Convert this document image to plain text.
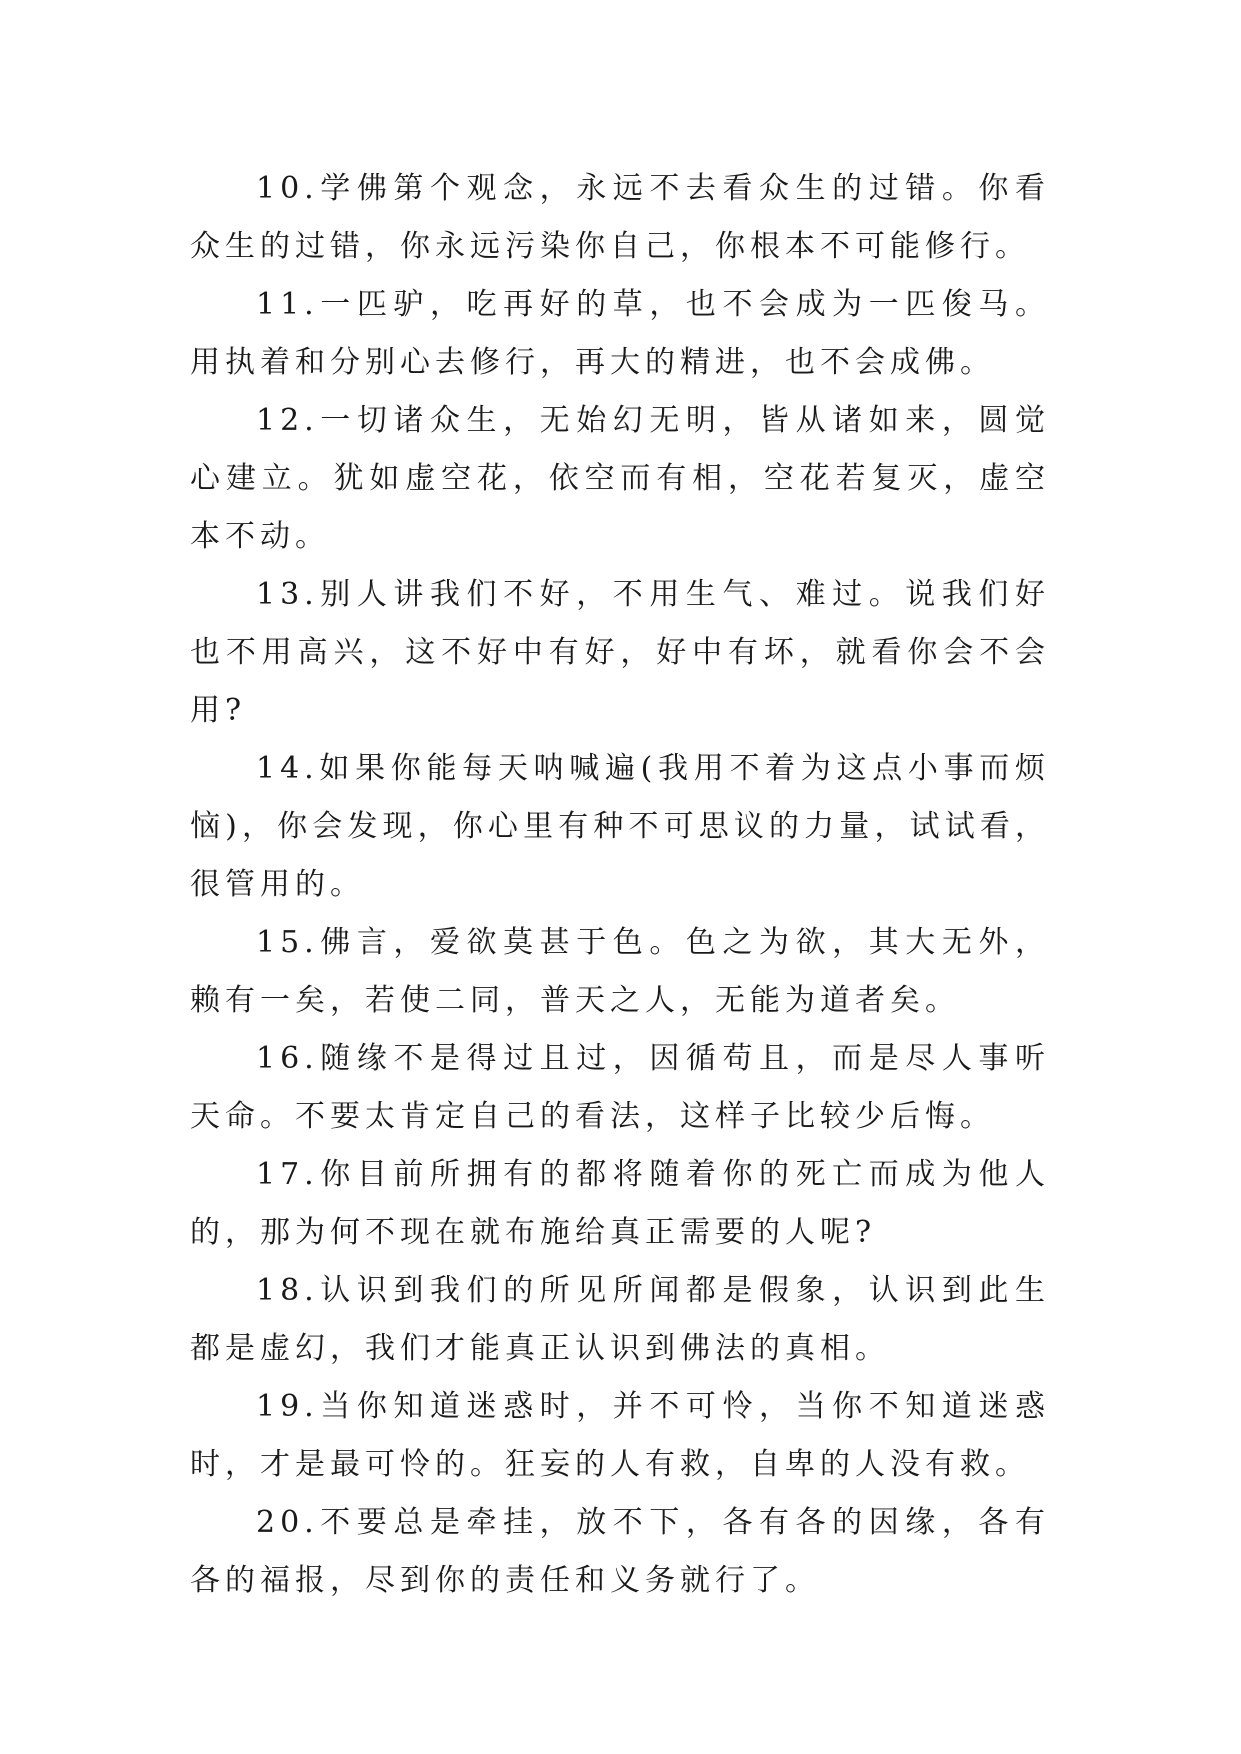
10.学佛第个观念，永远不去看众生的过错。你看众生的过错，你永远污染你自己，你根本不可能修行。

11.一匹驴，吃再好的草，也不会成为一匹俊马。用执着和分别心去修行，再大的精进，也不会成佛。

12.一切诸众生，无始幻无明，皆从诸如来，圆觉心建立。犹如虚空花，依空而有相，空花若复灭，虚空本不动。

13.别人讲我们不好，不用生气、难过。说我们好也不用高兴，这不好中有好，好中有坏，就看你会不会用?

14.如果你能每天呐喊遍(我用不着为这点小事而烦恼)，你会发现，你心里有种不可思议的力量，试试看，很管用的。

15.佛言，爱欲莫甚于色。色之为欲，其大无外，赖有一矣，若使二同，普天之人，无能为道者矣。

16.随缘不是得过且过，因循苟且，而是尽人事听天命。不要太肯定自己的看法，这样子比较少后悔。

17.你目前所拥有的都将随着你的死亡而成为他人的，那为何不现在就布施给真正需要的人呢?

18.认识到我们的所见所闻都是假象，认识到此生都是虚幻，我们才能真正认识到佛法的真相。

19.当你知道迷惑时，并不可怜，当你不知道迷惑时，才是最可怜的。狂妄的人有救，自卑的人没有救。

20.不要总是牵挂，放不下，各有各的因缘，各有各的福报，尽到你的责任和义务就行了。
